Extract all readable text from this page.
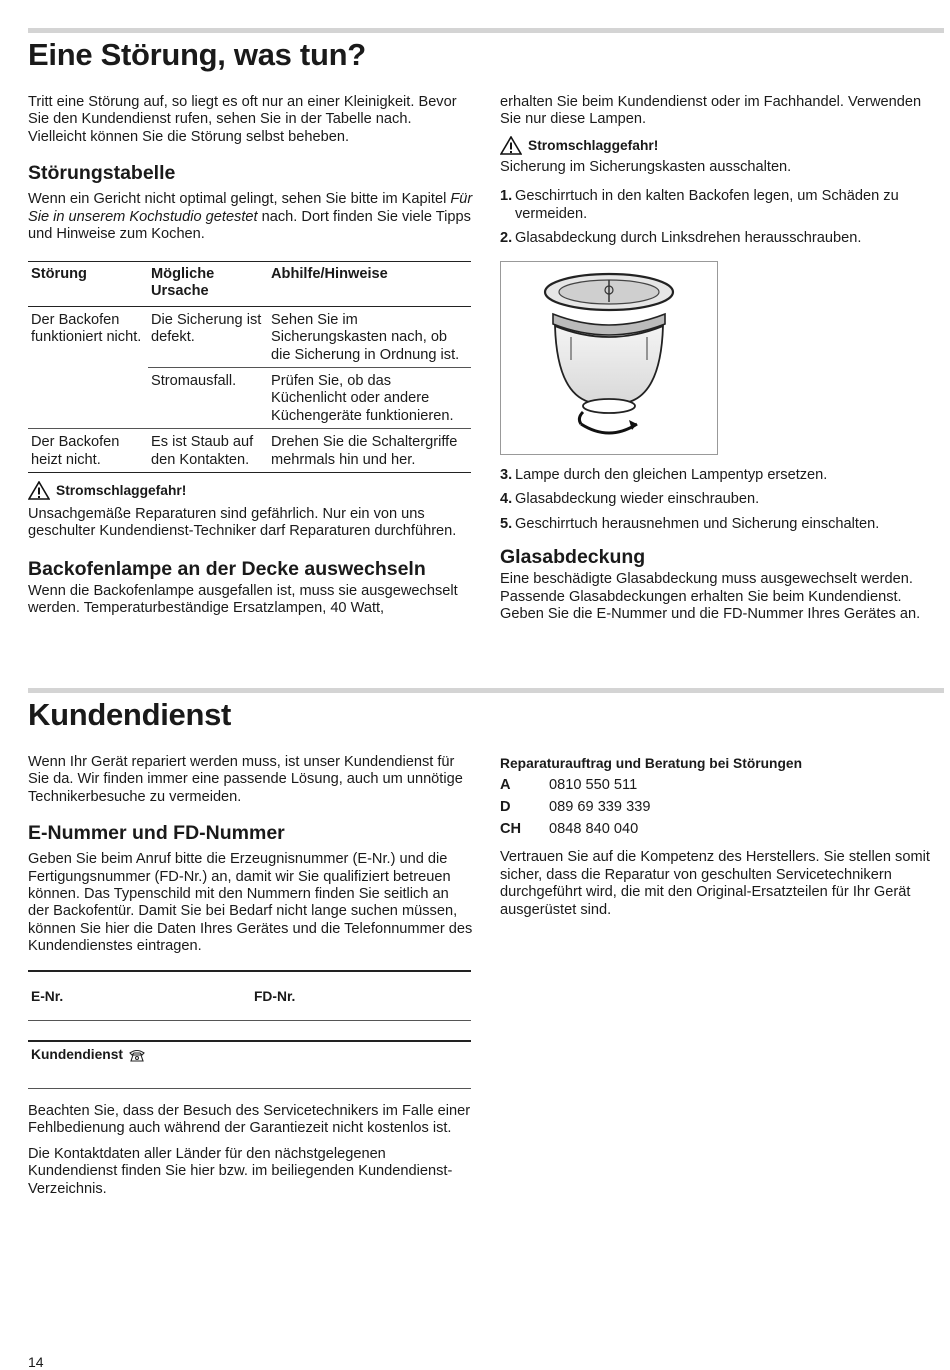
Eine Störung, was tun?

Tritt eine Störung auf, so liegt es oft nur an einer Kleinigkeit. Bevor Sie den Kundendienst rufen, sehen Sie in der Tabelle nach. Vielleicht können Sie die Störung selbst beheben.

Störungstabelle

Wenn ein Gericht nicht optimal gelingt, sehen Sie bitte im Kapitel Für Sie in unserem Kochstudio getestet nach. Dort finden Sie viele Tipps und Hinweise zum Kochen.

Störung	Mögliche Ursache	Abhilfe/Hinweise
Der Backofen funktioniert nicht.	Die Sicherung ist defekt.	Sehen Sie im Sicherungskasten nach, ob die Sicherung in Ordnung ist.
	Stromausfall.	Prüfen Sie, ob das Küchenlicht oder andere Küchengeräte funktionieren.
Der Backofen heizt nicht.	Es ist Staub auf den Kontakten.	Drehen Sie die Schaltergriffe mehrmals hin und her.
Stromschlaggefahr!

Unsachgemäße Reparaturen sind gefährlich. Nur ein von uns geschulter Kundendienst-Techniker darf Reparaturen durchführen.

Backofenlampe an der Decke auswechseln

Wenn die Backofenlampe ausgefallen ist, muss sie ausgewechselt werden. Temperaturbeständige Ersatzlampen, 40 Watt,

erhalten Sie beim Kundendienst oder im Fachhandel. Verwenden Sie nur diese Lampen.

Stromschlaggefahr!

Sicherung im Sicherungskasten ausschalten.

1. Geschirrtuch in den kalten Backofen legen, um Schäden zu vermeiden.
2. Glasabdeckung durch Linksdrehen herausschrauben.
3. Lampe durch den gleichen Lampentyp ersetzen.
4. Glasabdeckung wieder einschrauben.
5. Geschirrtuch herausnehmen und Sicherung einschalten.
Glasabdeckung

Eine beschädigte Glasabdeckung muss ausgewechselt werden. Passende Glasabdeckungen erhalten Sie beim Kundendienst. Geben Sie die E-Nummer und die FD-Nummer Ihres Gerätes an.

Kundendienst

Wenn Ihr Gerät repariert werden muss, ist unser Kundendienst für Sie da. Wir finden immer eine passende Lösung, auch um unnötige Technikerbesuche zu vermeiden.

E-Nummer und FD-Nummer

Geben Sie beim Anruf bitte die Erzeugnisnummer (E-Nr.) und die Fertigungsnummer (FD-Nr.) an, damit wir Sie qualifiziert betreuen können. Das Typenschild mit den Nummern finden Sie seitlich an der Backofentür. Damit Sie bei Bedarf nicht lange suchen müssen, können Sie hier die Daten Ihres Gerätes und die Telefonnummer des Kundendienstes eintragen.

E-Nr.	FD-Nr.
Kundendienst

Beachten Sie, dass der Besuch des Servicetechnikers im Falle einer Fehlbedienung auch während der Garantiezeit nicht kostenlos ist.

Die Kontaktdaten aller Länder für den nächstgelegenen Kundendienst finden Sie hier bzw. im beiliegenden Kundendienst-Verzeichnis.

Reparaturauftrag und Beratung bei Störungen
A	0810 550 511
D	089 69 339 339
CH	0848 840 040

Vertrauen Sie auf die Kompetenz des Herstellers. Sie stellen somit sicher, dass die Reparatur von geschulten Servicetechnikern durchgeführt wird, die mit den Original-Ersatzteilen für Ihr Gerät ausgerüstet sind.

14
